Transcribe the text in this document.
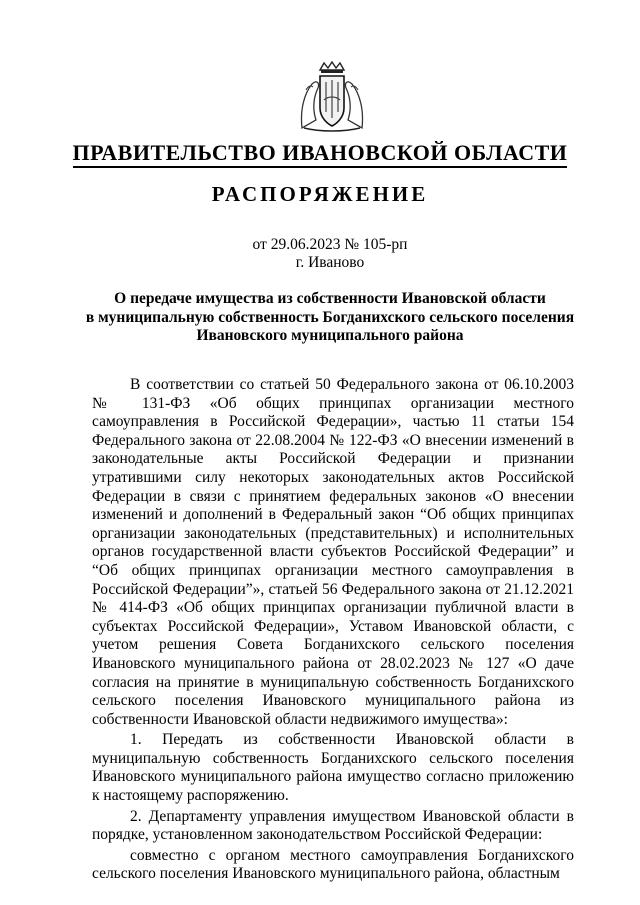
ПРАВИТЕЛЬСТВО ИВАНОВСКОЙ ОБЛАСТИ
РАСПОРЯЖЕНИЕ
от 29.06.2023 № 105-рп
г. Иваново
О передаче имущества из собственности Ивановской области
в муниципальную собственность Богданихского сельского поселения
Ивановского муниципального района

В соответствии со статьей 50 Федерального закона от 06.10.2003 № 131-ФЗ «Об общих принципах организации местного самоуправления в Российской Федерации», частью 11 статьи 154 Федерального закона от 22.08.2004 № 122-ФЗ «О внесении изменений в законодательные акты Российской Федерации и признании утратившими силу некоторых законодательных актов Российской Федерации в связи с принятием федеральных законов «О внесении изменений и дополнений в Федеральный закон “Об общих принципах организации законодательных (представительных) и исполнительных органов государственной власти субъектов Российской Федерации” и “Об общих принципах организации местного самоуправления в Российской Федерации”», статьей 56 Федерального закона от 21.12.2021 № 414-ФЗ «Об общих принципах организации публичной власти в субъектах Российской Федерации», Уставом Ивановской области, с учетом решения Совета Богданихского сельского поселения Ивановского муниципального района от 28.02.2023 № 127 «О даче согласия на принятие в муниципальную собственность Богданихского сельского поселения Ивановского муниципального района из собственности Ивановской области недвижимого имущества»:

1. Передать из собственности Ивановской области в муниципальную собственность Богданихского сельского поселения Ивановского муниципального района имущество согласно приложению к настоящему распоряжению.

2. Департаменту управления имуществом Ивановской области в порядке, установленном законодательством Российской Федерации:

совместно с органом местного самоуправления Богданихского сельского поселения Ивановского муниципального района, областным
